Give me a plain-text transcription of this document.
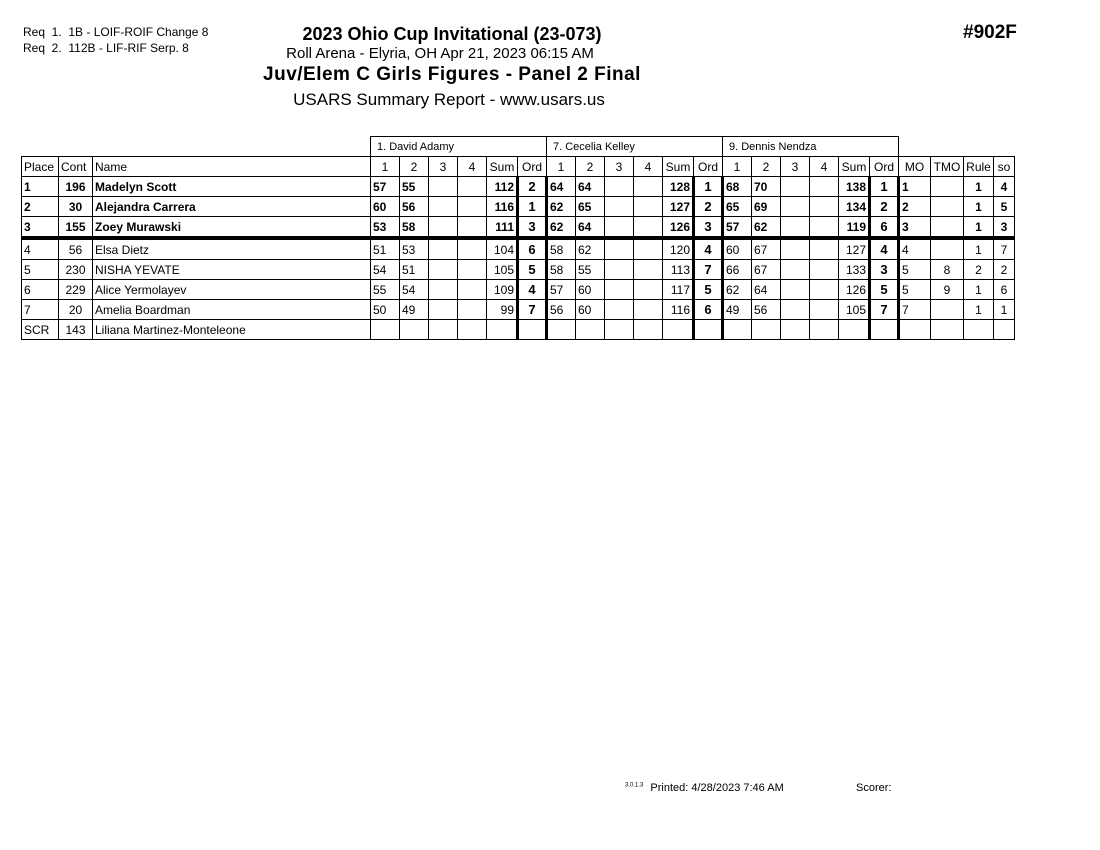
Req  1.  1B - LOIF-ROIF Change 8
Req  2.  112B - LIF-RIF Serp. 8
#902F
2023 Ohio Cup Invitational (23-073)
Roll Arena - Elyria, OH Apr 21, 2023 06:15 AM
Juv/Elem C Girls Figures - Panel 2 Final
USARS Summary Report - www.usars.us
			1. David Adamy						7. Cecelia Kelley						9. Dennis Nendza									
Place	Cont	Name	1	2	3	4	Sum	Ord	1	2	3	4	Sum	Ord	1	2	3	4	Sum	Ord	MO	TMO	Rule	so
1	196	Madelyn Scott	57	55			112	2	64	64			128	1	68	70			138	1	1		1	4
2	30	Alejandra Carrera	60	56			116	1	62	65			127	2	65	69			134	2	2		1	5
3	155	Zoey Murawski	53	58			111	3	62	64			126	3	57	62			119	6	3		1	3
4	56	Elsa Dietz	51	53			104	6	58	62			120	4	60	67			127	4	4		1	7
5	230	NISHA YEVATE	54	51			105	5	58	55			113	7	66	67			133	3	5	8	2	2
6	229	Alice Yermolayev	55	54			109	4	57	60			117	5	62	64			126	5	5	9	1	6
7	20	Amelia Boardman	50	49			99	7	56	60			116	6	49	56			105	7	7		1	1
SCR	143	Liliana Martinez-Monteleone																						
$^{3.0.1.3}$ Printed: 4/28/2023 7:46 AM	Scorer:
